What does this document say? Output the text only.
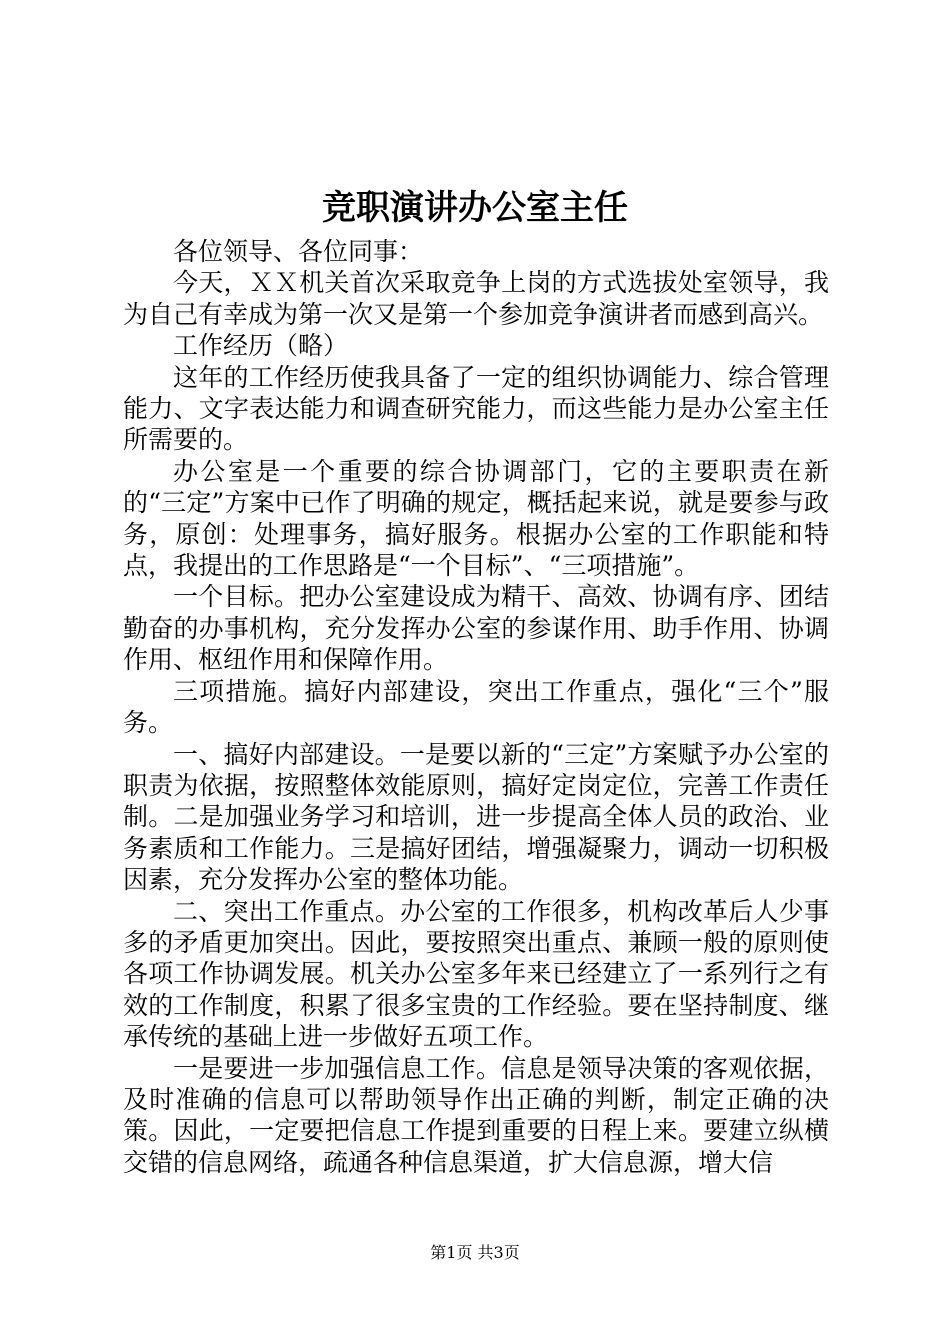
竞职演讲办公室主任

各位领导、各位同事：

今天，ＸＸ机关首次采取竞争上岗的方式选拔处室领导，我为自己有幸成为第一次又是第一个参加竞争演讲者而感到高兴。

工作经历（略）

这年的工作经历使我具备了一定的组织协调能力、综合管理能力、文字表达能力和调查研究能力，而这些能力是办公室主任所需要的。

办公室是一个重要的综合协调部门，它的主要职责在新的“三定”方案中已作了明确的规定，概括起来说，就是要参与政务，原创：处理事务，搞好服务。根据办公室的工作职能和特点，我提出的工作思路是“一个目标”、“三项措施”。

一个目标。把办公室建设成为精干、高效、协调有序、团结勤奋的办事机构，充分发挥办公室的参谋作用、助手作用、协调作用、枢纽作用和保障作用。

三项措施。搞好内部建设，突出工作重点，强化“三个”服务。

一、搞好内部建设。一是要以新的“三定”方案赋予办公室的职责为依据，按照整体效能原则，搞好定岗定位，完善工作责任制。二是加强业务学习和培训，进一步提高全体人员的政治、业务素质和工作能力。三是搞好团结，增强凝聚力，调动一切积极因素，充分发挥办公室的整体功能。

二、突出工作重点。办公室的工作很多，机构改革后人少事多的矛盾更加突出。因此，要按照突出重点、兼顾一般的原则使各项工作协调发展。机关办公室多年来已经建立了一系列行之有效的工作制度，积累了很多宝贵的工作经验。要在坚持制度、继承传统的基础上进一步做好五项工作。

一是要进一步加强信息工作。信息是领导决策的客观依据，及时准确的信息可以帮助领导作出正确的判断，制定正确的决策。因此，一定要把信息工作提到重要的日程上来。要建立纵横交错的信息网络，疏通各种信息渠道，扩大信息源，增大信

第1页 共3页
